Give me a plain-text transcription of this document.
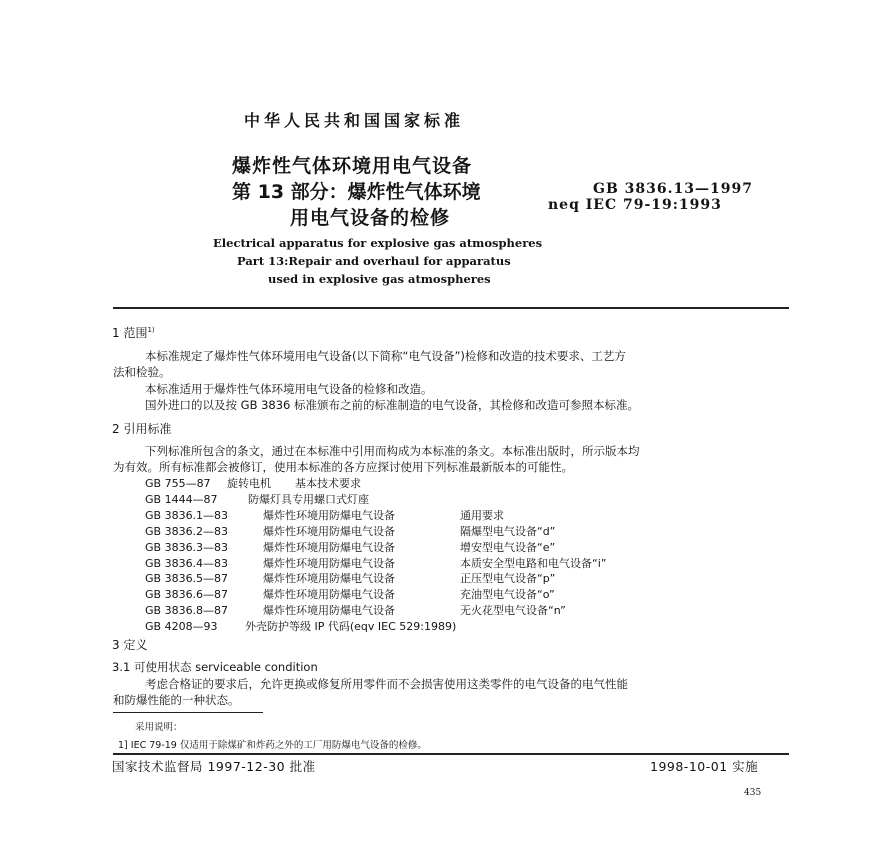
中华人民共和国国家标准
爆炸性气体环境用电气设备
第 13 部分：爆炸性气体环境
用电气设备的检修
GB 3836.13—1997
neq IEC 79-19:1993
Electrical apparatus for explosive gas atmospheres
Part 13:Repair and overhaul for apparatus
used in explosive gas atmospheres
1 范围$^{1)}$
本标准规定了爆炸性气体环境用电气设备(以下简称“电气设备”)检修和改造的技术要求、工艺方
法和检验。
本标准适用于爆炸性气体环境用电气设备的检修和改造。
国外进口的以及按 GB 3836 标准颁布之前的标准制造的电气设备，其检修和改造可参照本标准。
2 引用标准
下列标准所包含的条文，通过在本标准中引用而构成为本标准的条文。本标准出版时，所示版本均
为有效。所有标准都会被修订，使用本标准的各方应探讨使用下列标准最新版本的可能性。
GB 755—87 旋转电机 基本技术要求
GB 1444—87	防爆灯具专用螺口式灯座
GB 3836.1—83	爆炸性环境用防爆电气设备	通用要求
GB 3836.2—83	爆炸性环境用防爆电气设备	隔爆型电气设备“d”
GB 3836.3—83	爆炸性环境用防爆电气设备	增安型电气设备“e”
GB 3836.4—83	爆炸性环境用防爆电气设备	本质安全型电路和电气设备“i”
GB 3836.5—87	爆炸性环境用防爆电气设备	正压型电气设备“p”
GB 3836.6—87	爆炸性环境用防爆电气设备	充油型电气设备“o”
GB 3836.8—87	爆炸性环境用防爆电气设备	无火花型电气设备“n”
GB 4208—93 外壳防护等级 IP 代码(eqv IEC 529:1989)
3 定义
3.1 可使用状态 serviceable condition
考虑合格证的要求后，允许更换或修复所用零件而不会损害使用这类零件的电气设备的电气性能
和防爆性能的一种状态。
采用说明：
1] IEC 79-19 仅适用于除煤矿和炸药之外的工厂用防爆电气设备的检修。
国家技术监督局 1997-12-30 批准	1998-10-01 实施
435
